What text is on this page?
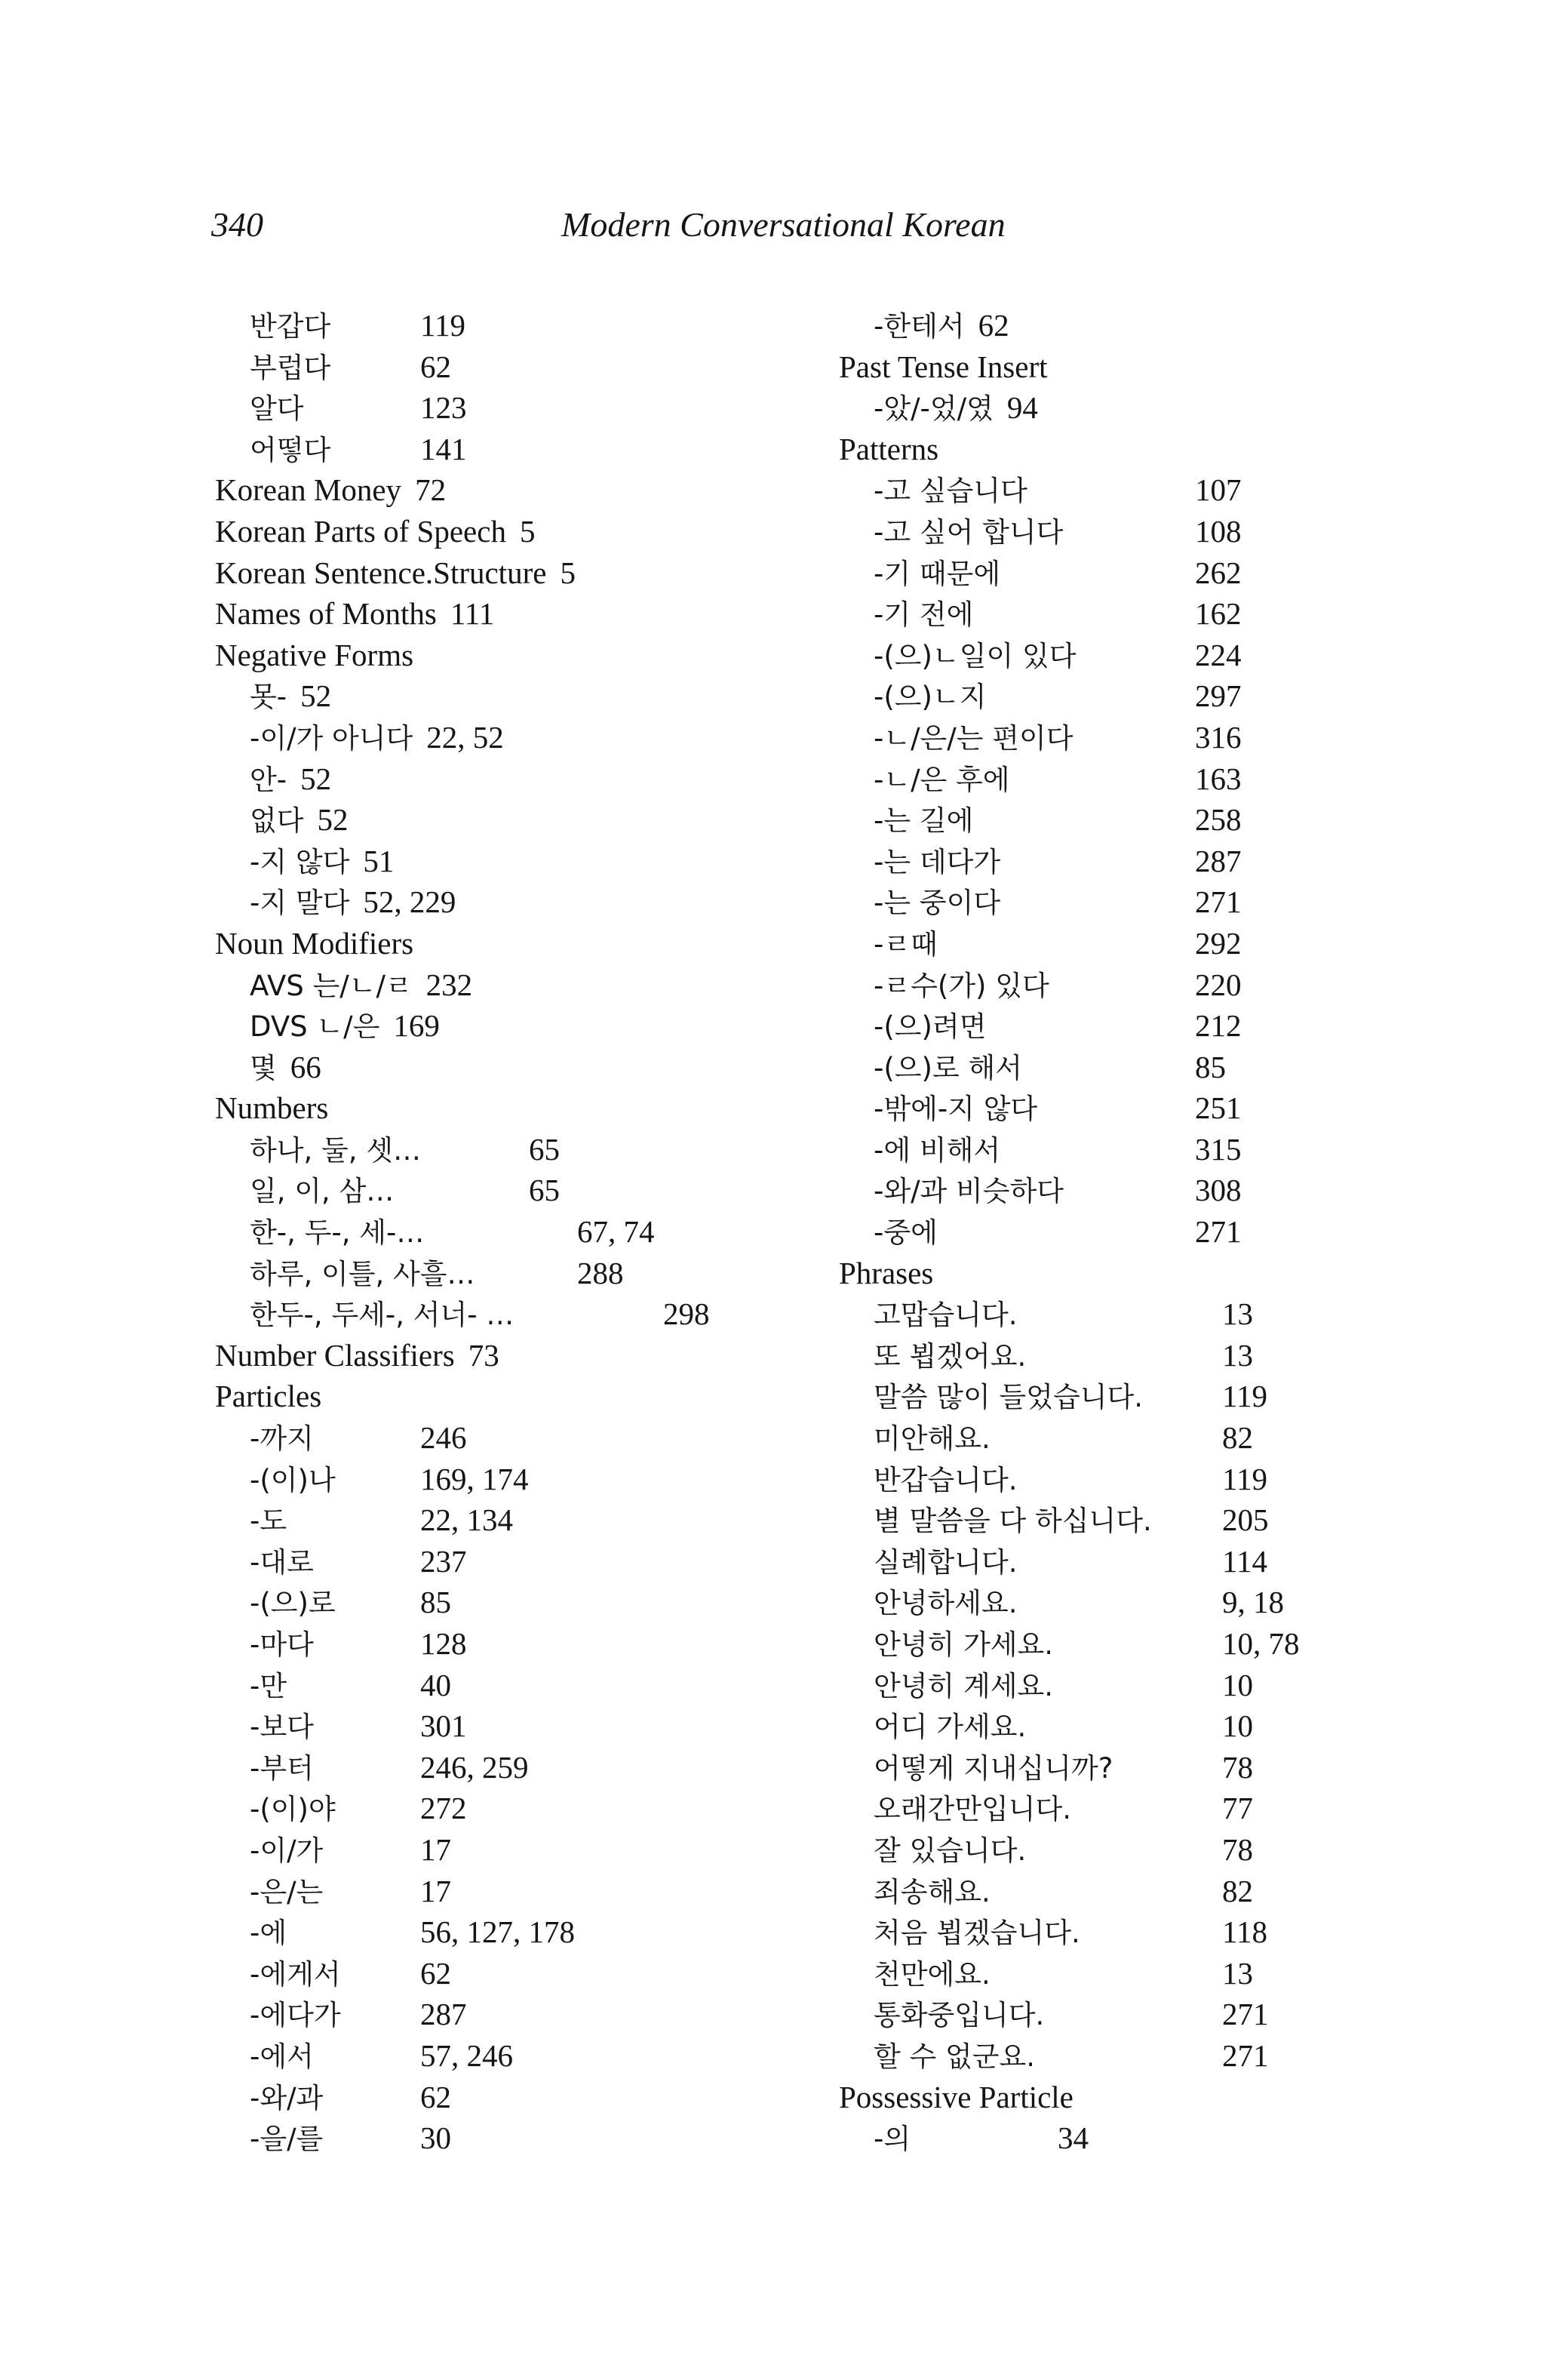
340	Modern Conversational Korean
반갑다	119
부럽다	62
알다	123
어떻다	141
Korean Money 72
Korean Parts of Speech 5
Korean Sentence.Structure 5
Names of Months 111
Negative Forms
못- 52
-이/가 아니다 22, 52
안- 52
없다 52
-지 않다 51
-지 말다 52, 229
Noun Modifiers
AVS 는/ㄴ/ㄹ 232
DVS ㄴ/은 169
몇 66
Numbers
하나, 둘, 셋…	65
일, 이, 삼…	65
한-, 두-, 세-…	67, 74
하루, 이틀, 사흘…	288
한두-, 두세-, 서너- …	298
Number Classifiers 73
Particles
-까지	246
-(이)나	169, 174
-도	22, 134
-대로	237
-(으)로	85
-마다	128
-만	40
-보다	301
-부터	246, 259
-(이)야	272
-이/가	17
-은/는	17
-에	56, 127, 178
-에게서	62
-에다가	287
-에서	57, 246
-와/과	62
-을/를	30
-한테서 62
Past Tense Insert
-았/-었/였 94
Patterns
-고 싶습니다	107
-고 싶어 합니다	108
-기 때문에	262
-기 전에	162
-(으)ㄴ일이 있다	224
-(으)ㄴ지	297
-ㄴ/은/는 편이다	316
-ㄴ/은 후에	163
-는 길에	258
-는 데다가	287
-는 중이다	271
-ㄹ때	292
-ㄹ수(가) 있다	220
-(으)려면	212
-(으)로 해서	85
-밖에-지 않다	251
-에 비해서	315
-와/과 비슷하다	308
-중에	271
Phrases
고맙습니다.	13
또 뵙겠어요.	13
말씀 많이 들었습니다.	119
미안해요.	82
반갑습니다.	119
별 말씀을 다 하십니다. 205
실례합니다.	114
안녕하세요.	9, 18
안녕히 가세요.	10, 78
안녕히 계세요.	10
어디 가세요.	10
어떻게 지내십니까?	78
오래간만입니다.	77
잘 있습니다.	78
죄송해요.	82
처음 뵙겠습니다.	118
천만에요.	13
통화중입니다.	271
할 수 없군요.	271
Possessive Particle
-의	34
